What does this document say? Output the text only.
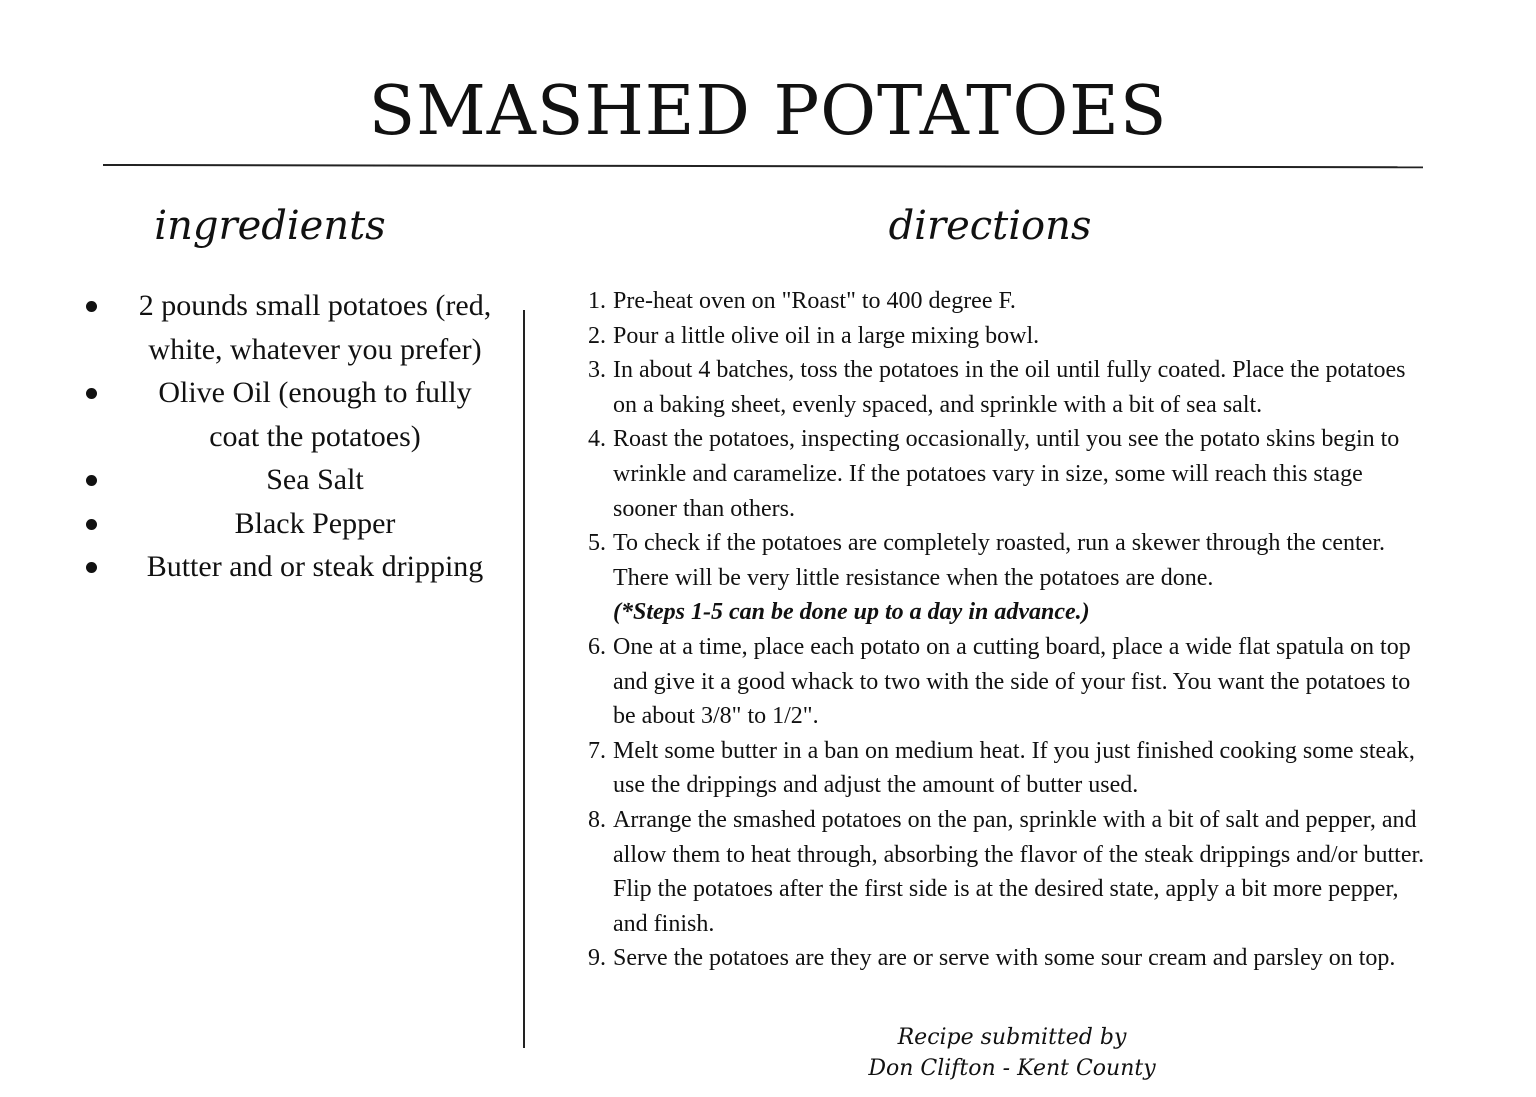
SMASHED POTATOES
ingredients	directions
2 pounds small potatoes (red, white, whatever you prefer)
Olive Oil (enough to fully coat the potatoes)
Sea Salt
Black Pepper
Butter and or steak dripping
1. Pre-heat oven on "Roast" to 400 degree F.
2. Pour a little olive oil in a large mixing bowl.
3. In about 4 batches, toss the potatoes in the oil until fully coated. Place the potatoes on a baking sheet, evenly spaced, and sprinkle with a bit of sea salt.
4. Roast the potatoes, inspecting occasionally, until you see the potato skins begin to wrinkle and caramelize. If the potatoes vary in size, some will reach this stage sooner than others.
5. To check if the potatoes are completely roasted, run a skewer through the center. There will be very little resistance when the potatoes are done.
(*Steps 1-5 can be done up to a day in advance.)
6. One at a time, place each potato on a cutting board, place a wide flat spatula on top and give it a good whack to two with the side of your fist. You want the potatoes to be about 3/8" to 1/2".
7. Melt some butter in a ban on medium heat. If you just finished cooking some steak, use the drippings and adjust the amount of butter used.
8. Arrange the smashed potatoes on the pan, sprinkle with a bit of salt and pepper, and allow them to heat through, absorbing the flavor of the steak drippings and/or butter. Flip the potatoes after the first side is at the desired state, apply a bit more pepper, and finish.
9. Serve the potatoes are they are or serve with some sour cream and parsley on top.
Recipe submitted by
Don Clifton - Kent County
